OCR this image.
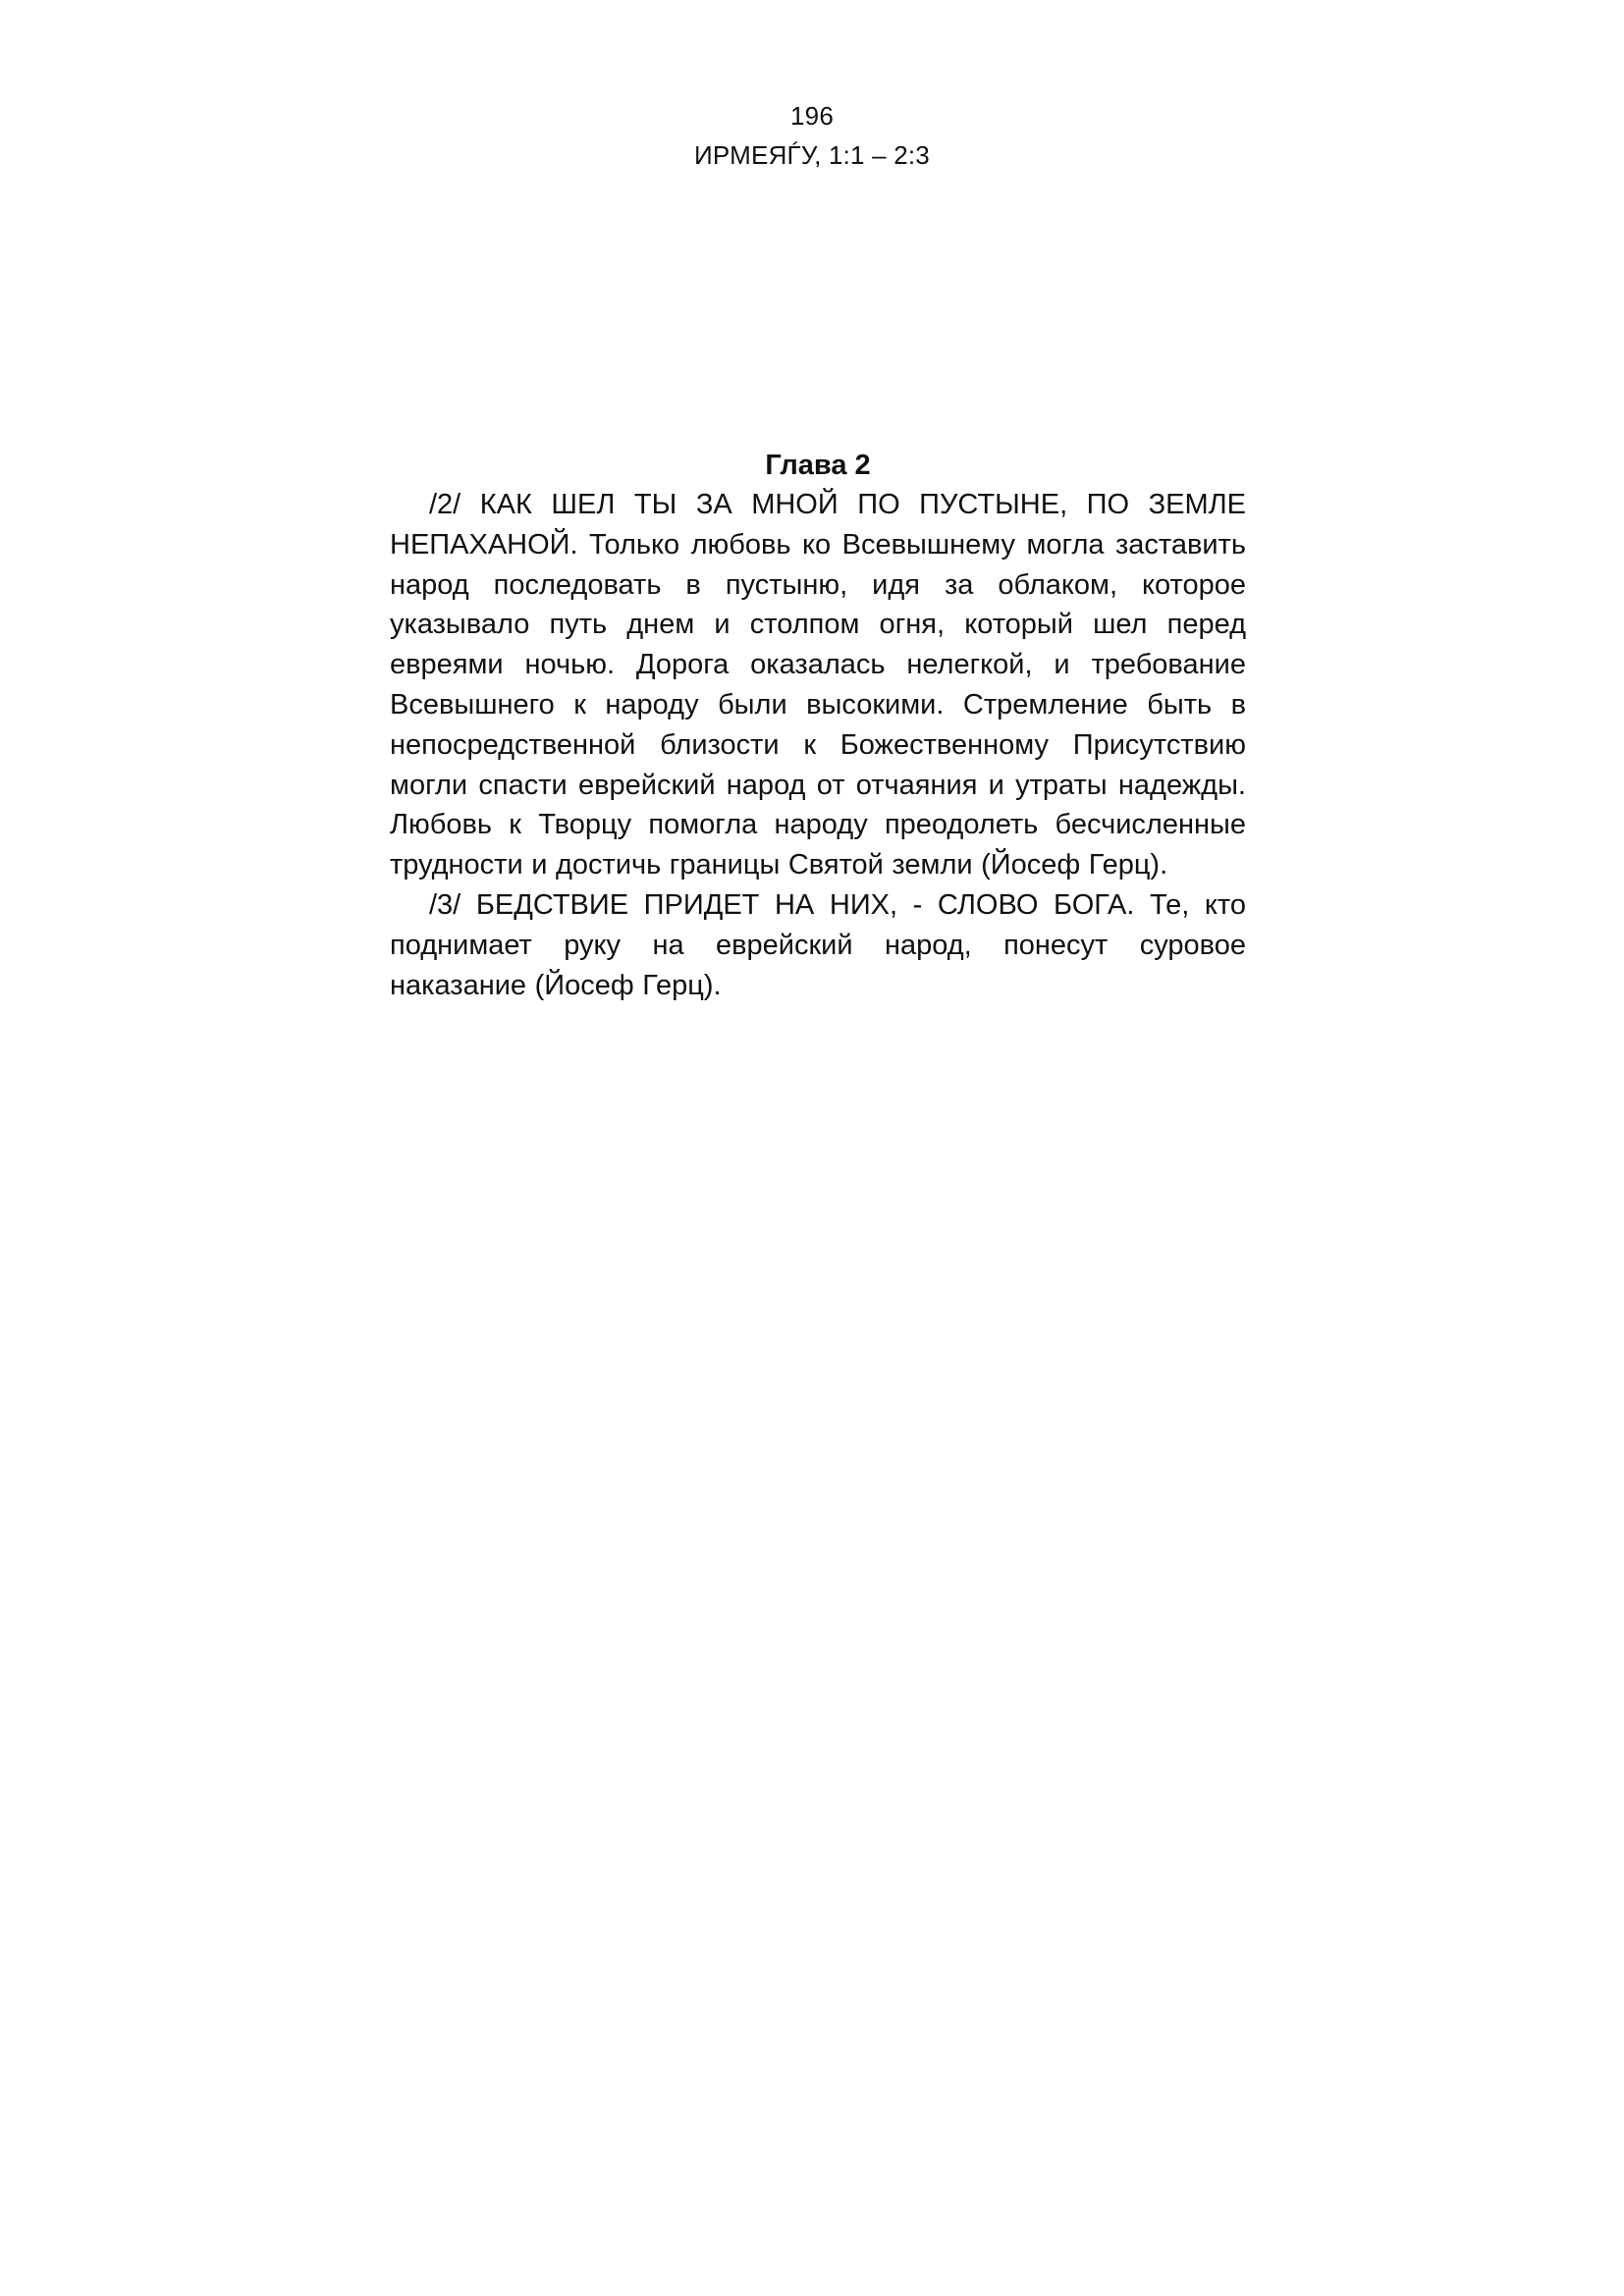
196
ИРМЕЯЃУ, 1:1 – 2:3
Глава 2

/2/ КАК ШЕЛ ТЫ ЗА МНОЙ ПО ПУСТЫНЕ, ПО ЗЕМЛЕ НЕПАХАНОЙ. Только любовь ко Всевышнему могла заставить народ последовать в пустыню, идя за облаком, которое указывало путь днем и столпом огня, который шел перед евреями ночью. Дорога оказалась нелегкой, и требование Всевышнего к народу были высокими. Стремление быть в непосредственной близости к Божественному Присутствию могли спасти еврейский народ от отчаяния и утраты надежды. Любовь к Творцу помогла народу преодолеть бесчисленные трудности и достичь границы Святой земли (Йосеф Герц).

/3/ БЕДСТВИЕ ПРИДЕТ НА НИХ, - СЛОВО БОГА. Те, кто поднимает руку на еврейский народ, понесут суровое наказание (Йосеф Герц).
